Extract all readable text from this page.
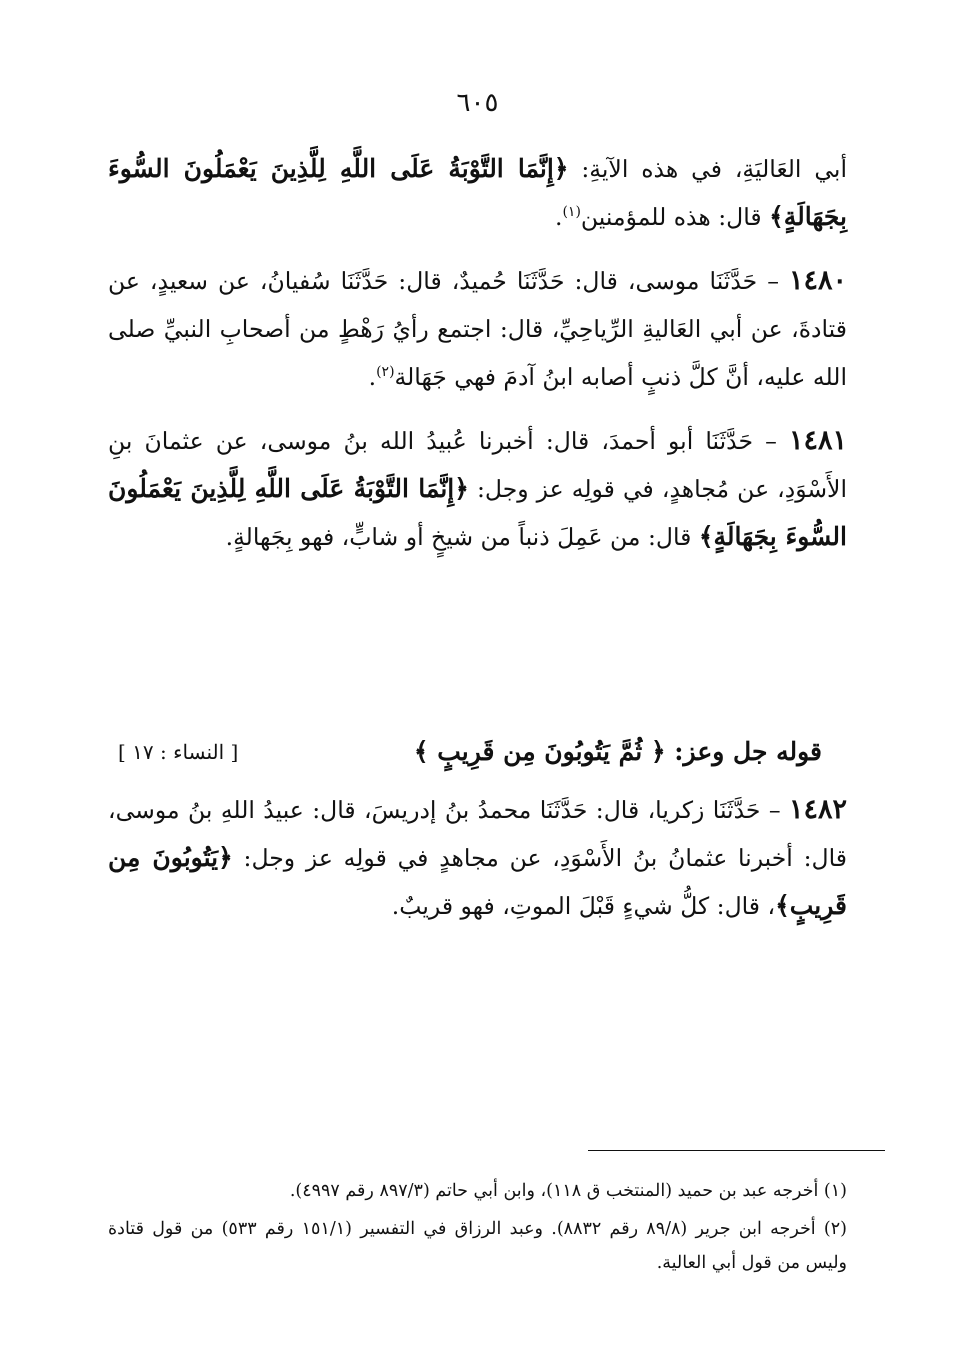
٦٠٥

أبي العَاليَةِ، في هذه الآيةِ: ﴿إِنَّمَا التَّوْبَةُ عَلَى اللَّهِ لِلَّذِينَ يَعْمَلُونَ السُّوءَ بِجَهَالَةٍ﴾ قال: هذه للمؤمنين$^{(١)}$.

١٤٨٠ – حَدَّثَنَا موسى، قال: حَدَّثَنَا حُميدٌ، قال: حَدَّثَنَا سُفيانُ، عن سعيدٍ، عن قتادةَ، عن أبي العَاليةِ الرِّياحِيِّ، قال: اجتمع رأيُ رَهْطٍ من أصحابِ النبيِّ صلى الله عليه، أنَّ كلَّ ذنبٍ أصابه ابنُ آدمَ فهي جَهَالة$^{(٢)}$.

١٤٨١ – حَدَّثَنَا أبو أحمدَ، قال: أخبرنا عُبيدُ الله بنُ موسى، عن عثمانَ بنِ الأَسْوَدِ، عن مُجاهدٍ، في قولِه عز وجل: ﴿إِنَّمَا التَّوْبَةُ عَلَى اللَّهِ لِلَّذِينَ يَعْمَلُونَ السُّوءَ بِجَهَالَةٍ﴾ قال: من عَمِلَ ذنباً من شيخٍ أو شابٍّ، فهو بِجَهالةٍ.

قوله جل وعز: ﴿ ثُمَّ يَتُوبُونَ مِن قَرِيبٍ ﴾
[ النساء : ١٧ ]

١٤٨٢ – حَدَّثَنَا زكريا، قال: حَدَّثَنَا محمدُ بنُ إدريسَ، قال: عبيدُ اللهِ بنُ موسى، قال: أخبرنا عثمانُ بنُ الأَسْوَدِ، عن مجاهدٍ في قولِه عز وجل: ﴿يَتُوبُونَ مِن قَرِيبٍ﴾، قال: كلُّ شيءٍ قَبْلَ الموتِ، فهو قريبٌ.

(١) أخرجه عبد بن حميد (المنتخب ق ١١٨)، وابن أبي حاتم (٨٩٧/٣ رقم ٤٩٩٧).

(٢) أخرجه ابن جرير (٨٩/٨ رقم ٨٨٣٢). وعبد الرزاق في التفسير (١٥١/١ رقم ٥٣٣) من قول قتادة وليس من قول أبي العالية.
